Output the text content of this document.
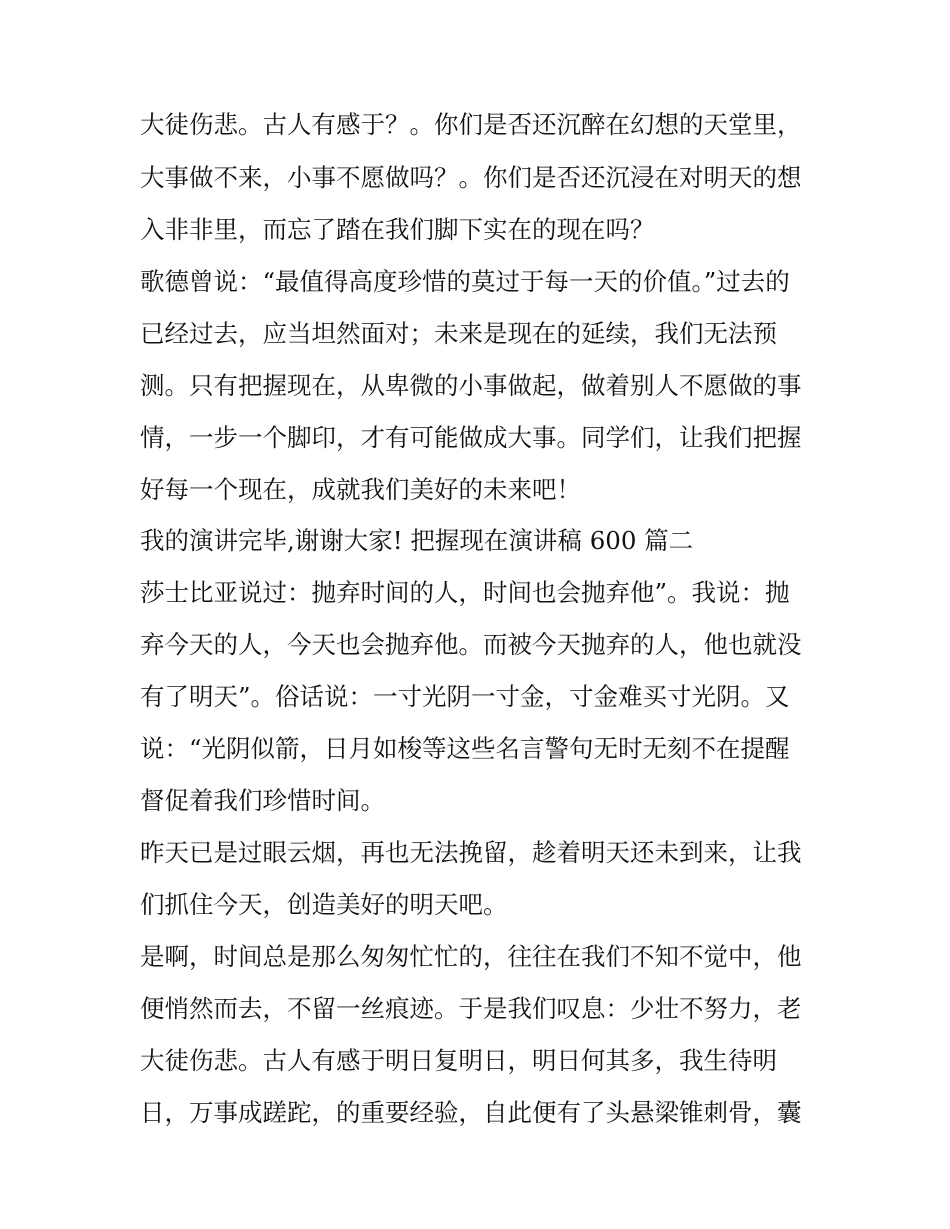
大徒伤悲。古人有感于？。你们是否还沉醉在幻想的天堂里，
大事做不来，小事不愿做吗？。你们是否还沉浸在对明天的想
入非非里，而忘了踏在我们脚下实在的现在吗？
歌德曾说：“最值得高度珍惜的莫过于每一天的价值。”过去的
已经过去，应当坦然面对；未来是现在的延续，我们无法预
测。只有把握现在，从卑微的小事做起，做着别人不愿做的事
情，一步一个脚印，才有可能做成大事。同学们，让我们把握
好每一个现在，成就我们美好的未来吧！
我的演讲完毕,谢谢大家! 把握现在演讲稿 600 篇二
莎士比亚说过：抛弃时间的人，时间也会抛弃他”。我说：抛
弃今天的人，今天也会抛弃他。而被今天抛弃的人，他也就没
有了明天”。俗话说：一寸光阴一寸金，寸金难买寸光阴。又
说：“光阴似箭，日月如梭等这些名言警句无时无刻不在提醒
督促着我们珍惜时间。
昨天已是过眼云烟，再也无法挽留，趁着明天还未到来，让我
们抓住今天，创造美好的明天吧。
是啊，时间总是那么匆匆忙忙的，往往在我们不知不觉中，他
便悄然而去，不留一丝痕迹。于是我们叹息：少壮不努力，老
大徒伤悲。古人有感于明日复明日，明日何其多，我生待明
日，万事成蹉跎，的重要经验，自此便有了头悬梁锥刺骨，囊
